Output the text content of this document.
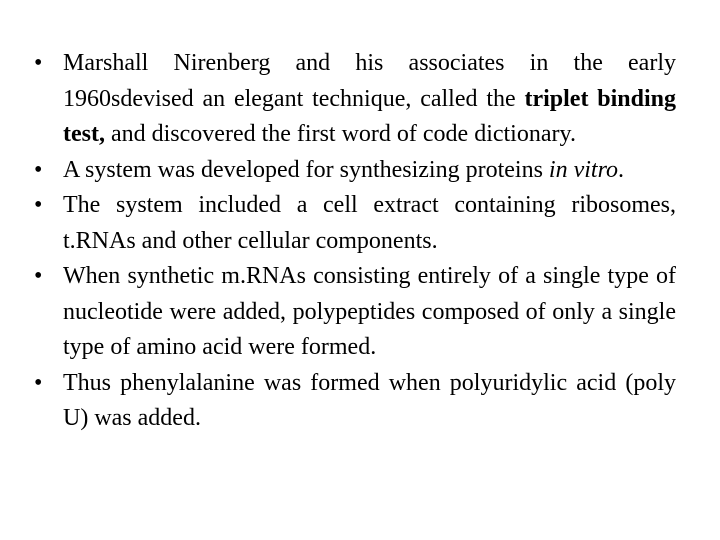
• Marshall Nirenberg and his associates in the early 1960sdevised an elegant technique, called the triplet binding test, and discovered the first word of code dictionary.
• A system was developed for synthesizing proteins in vitro.
• The system included a cell extract containing ribosomes, t.RNAs and other cellular components.
• When synthetic m.RNAs consisting entirely of a single type of nucleotide were added, polypeptides composed of only a single type of amino acid were formed.
• Thus phenylalanine was formed when polyuridylic acid (poly U) was added.
